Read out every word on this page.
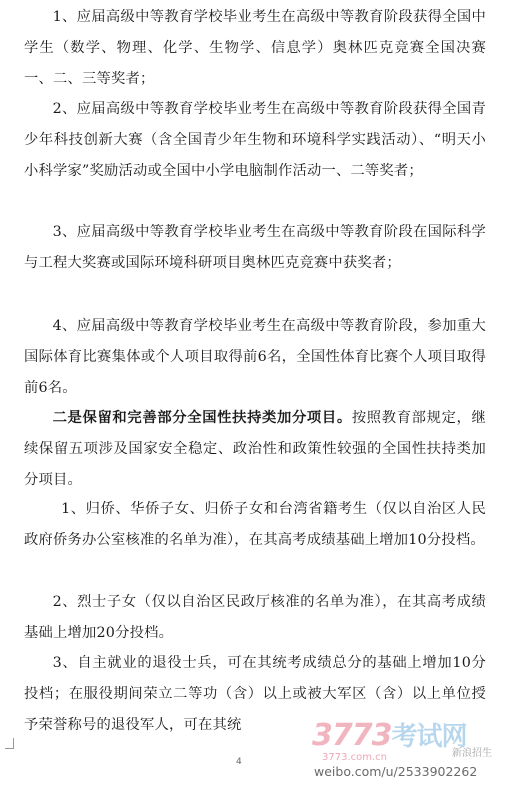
1、应届高级中等教育学校毕业考生在高级中等教育阶段获得全国中学生（数学、物理、化学、生物学、信息学）奥林匹克竞赛全国决赛一、二、三等奖者；

2、应届高级中等教育学校毕业考生在高级中等教育阶段获得全国青少年科技创新大赛（含全国青少年生物和环境科学实践活动）、“明天小小科学家”奖励活动或全国中小学电脑制作活动一、二等奖者；

3、应届高级中等教育学校毕业考生在高级中等教育阶段在国际科学与工程大奖赛或国际环境科研项目奥林匹克竞赛中获奖者；

4、应届高级中等教育学校毕业考生在高级中等教育阶段，参加重大国际体育比赛集体或个人项目取得前6名，全国性体育比赛个人项目取得前6名。

二是保留和完善部分全国性扶持类加分项目。按照教育部规定，继续保留五项涉及国家安全稳定、政治性和政策性较强的全国性扶持类加分项目。

1、归侨、华侨子女、归侨子女和台湾省籍考生（仅以自治区人民政府侨务办公室核准的名单为准），在其高考成绩基础上增加10分投档。

2、烈士子女（仅以自治区民政厅核准的名单为准），在其高考成绩基础上增加20分投档。

3、自主就业的退役士兵，可在其统考成绩总分的基础上增加10分投档；在服役期间荣立二等功（含）以上或被大军区（含）以上单位授予荣誉称号的退役军人，可在其统

4
3773考试网
3773.com.cn	新浪招生
weibo.com/u/2533902262
